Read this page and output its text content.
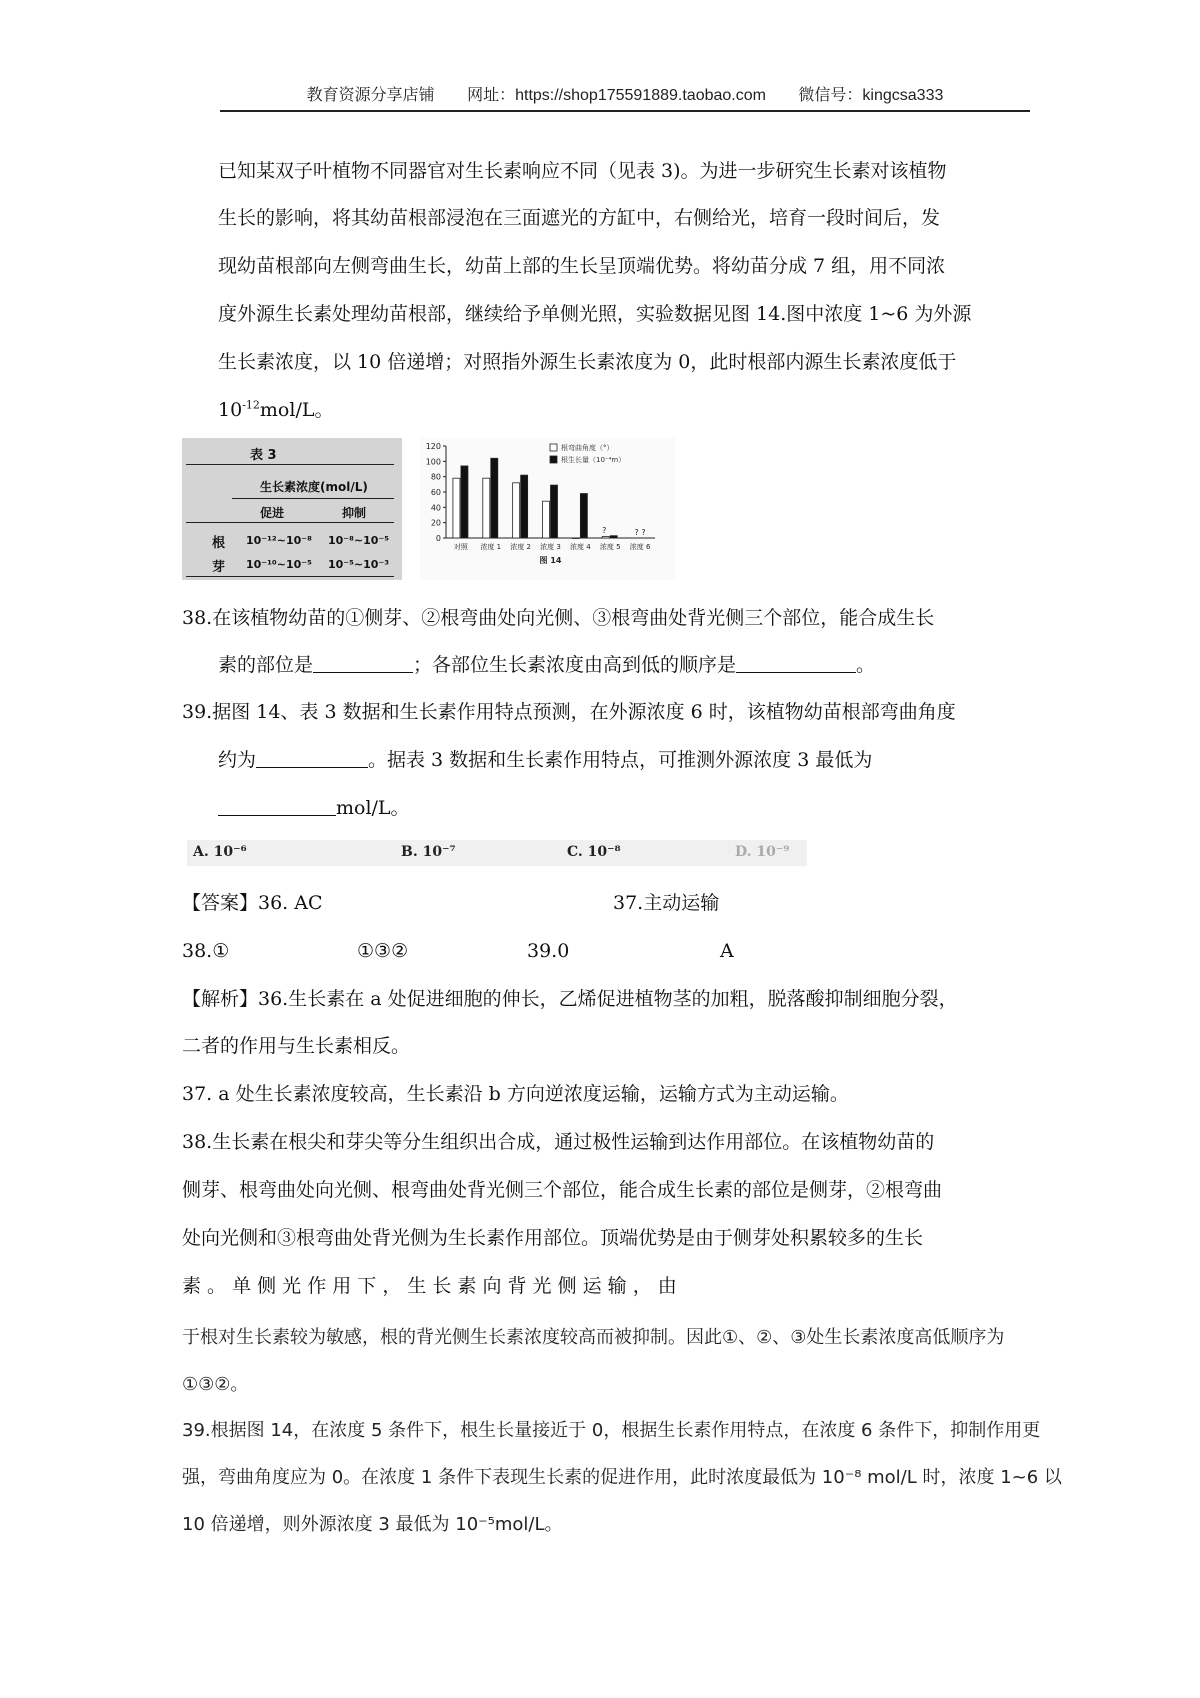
教育资源分享店铺 网址：https://shop175591889.taobao.com 微信号：kingcsa333
已知某双子叶植物不同器官对生长素响应不同（见表 3)。为进一步研究生长素对该植物
生长的影响，将其幼苗根部浸泡在三面遮光的方缸中，右侧给光，培育一段时间后，发
现幼苗根部向左侧弯曲生长，幼苗上部的生长呈顶端优势。将幼苗分成 7 组，用不同浓
度外源生长素处理幼苗根部，继续给予单侧光照，实验数据见图 14.图中浓度 1~6 为外源
生长素浓度，以 10 倍递增；对照指外源生长素浓度为 0，此时根部内源生长素浓度低于
$10^{-12}mol/L$。
表 3
生长素浓度(mol/L)
促进	抑制
根 10⁻¹²~10⁻⁸ 10⁻⁸~10⁻⁵
芽 10⁻¹⁰~10⁻⁵ 10⁻⁵~10⁻³
0
20
40
60
80
100
120
对照 浓度 1 浓度 2 浓度 3 浓度 4 浓度 5
? ?
浓度 6
?
根弯曲角度（°）
根生长量（10⁻⁴m）
图 14
38.在该植物幼苗的①侧芽、②根弯曲处向光侧、③根弯曲处背光侧三个部位，能合成生长
素的部位是	；各部位生长素浓度由高到低的顺序是	。
39.据图 14、表 3 数据和生长素作用特点预测，在外源浓度 6 时，该植物幼苗根部弯曲角度
约为	。据表 3 数据和生长素作用特点，可推测外源浓度 3 最低为
mol/L。
A. 10⁻⁶	B. 10⁻⁷	C. 10⁻⁸	D. 10⁻⁹
【答案】36. AC	37.主动运输
38.①	①③②	39.0	A
【解析】36.生长素在 a 处促进细胞的伸长，乙烯促进植物茎的加粗，脱落酸抑制细胞分裂，
二者的作用与生长素相反。
37. a 处生长素浓度较高，生长素沿 b 方向逆浓度运输，运输方式为主动运输。
38.生长素在根尖和芽尖等分生组织出合成，通过极性运输到达作用部位。在该植物幼苗的
侧芽、根弯曲处向光侧、根弯曲处背光侧三个部位，能合成生长素的部位是侧芽，②根弯曲
处向光侧和③根弯曲处背光侧为生长素作用部位。顶端优势是由于侧芽处积累较多的生长
素 。 单 侧 光 作 用 下 ， 生 长 素 向 背 光 侧 运 输 ， 由
于根对生长素较为敏感，根的背光侧生长素浓度较高而被抑制。因此①、②、③处生长素浓度高低顺序为
①③②。
39.根据图 14，在浓度 5 条件下，根生长量接近于 0，根据生长素作用特点，在浓度 6 条件下，抑制作用更
强，弯曲角度应为 0。在浓度 1 条件下表现生长素的促进作用，此时浓度最低为 10⁻⁸ mol/L 时，浓度 1~6 以
10 倍递增，则外源浓度 3 最低为 10⁻⁵mol/L。
